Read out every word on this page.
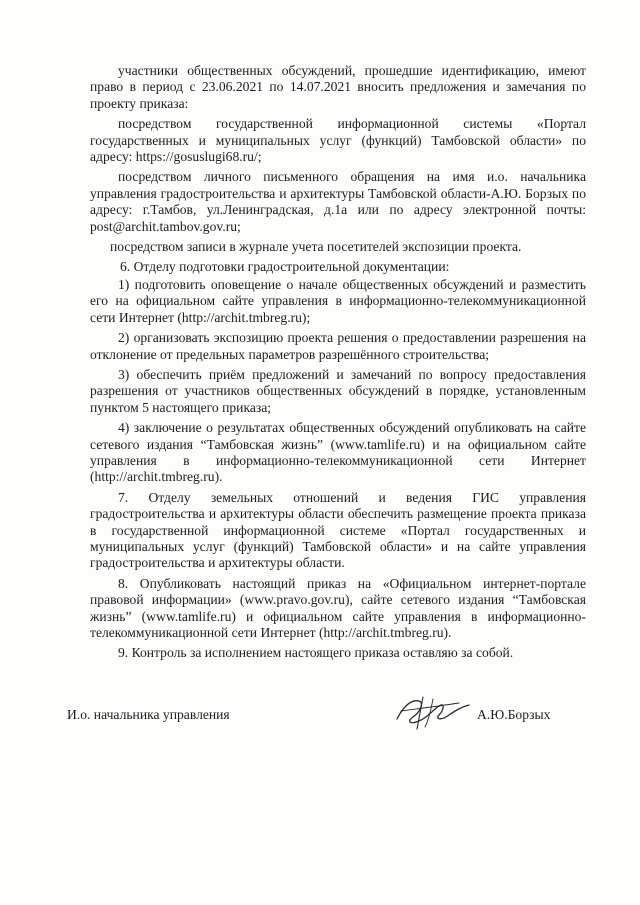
участники общественных обсуждений, прошедшие идентификацию, имеют право в период с 23.06.2021 по 14.07.2021 вносить предложения и замечания по проекту приказа:

посредством государственной информационной системы «Портал государственных и муниципальных услуг (функций) Тамбовской области» по адресу: https://gosuslugi68.ru/;

посредством личного письменного обращения на имя и.о. начальника управления градостроительства и архитектуры Тамбовской области-А.Ю. Борзых по адресу: г.Тамбов, ул.Ленинградская, д.1а или по адресу электронной почты: post@archit.tambov.gov.ru;

посредством записи в журнале учета посетителей экспозиции проекта.

6. Отделу подготовки градостроительной документации:

1) подготовить оповещение о начале общественных обсуждений и разместить его на официальном сайте управления в информационно-телекоммуникационной сети Интернет (http://archit.tmbreg.ru);

2) организовать экспозицию проекта решения о предоставлении разрешения на отклонение от предельных параметров разрешённого строительства;

3) обеспечить приём предложений и замечаний по вопросу предоставления разрешения от участников общественных обсуждений в порядке, установленным пунктом 5 настоящего приказа;

4) заключение о результатах общественных обсуждений опубликовать на сайте сетевого издания “Тамбовская жизнь” (www.tamlife.ru) и на официальном сайте управления в информационно-телекоммуникационной сети Интернет (http://archit.tmbreg.ru).

7. Отделу земельных отношений и ведения ГИС управления градостроительства и архитектуры области обеспечить размещение проекта приказа в государственной информационной системе «Портал государственных и муниципальных услуг (функций) Тамбовской области» и на сайте управления градостроительства и архитектуры области.

8. Опубликовать настоящий приказ на «Официальном интернет-портале правовой информации» (www.pravo.gov.ru), сайте сетевого издания “Тамбовская жизнь” (www.tamlife.ru) и официальном сайте управления в информационно-телекоммуникационной сети Интернет (http://archit.tmbreg.ru).

9. Контроль за исполнением настоящего приказа оставляю за собой.

И.о. начальника управления	А.Ю.Борзых
